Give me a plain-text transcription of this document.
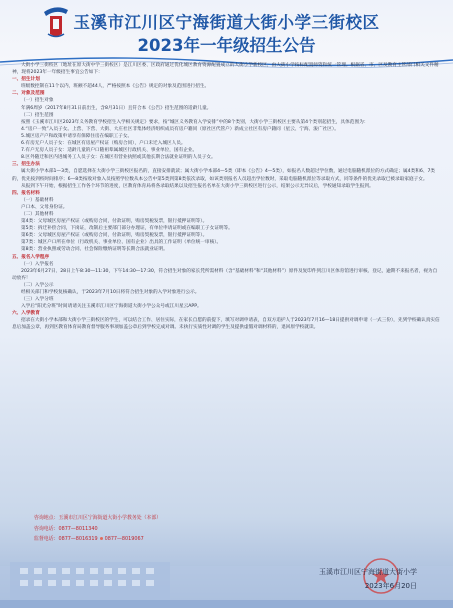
玉溪市江川区宁海街道大街小学三街校区
2023年一年级招生公告

大街小学三街校区（地址在原大街中学三街校区）是江川区委、区政府通过优化城区教育资源配置成立的大街小学新校区，由大街小学按标配置师资和统一管理。根据省、市、区及教育主管部门相关文件精神，现将2023年一年级招生事宜公告如下：

一、招生计划

班级数控制在11个以内，班额不超44人，严格按照本《公告》规定的对象及范围进行招生。

二、对象及范围

（一）招生对象

年满6周岁（2017年8月31日前出生，含8月31日）且符合本《公告》招生范围的适龄儿童。

（二）招生范围

按照《玉溪市江川区2023年义务教育学校招生入学相关规定》要求，按“城区义务教育入学安排”中的8个类别，大街小学三街校区主要从第4个类别起招生，具体范围为：

4.“房户一致”入员子女。上营、下营、大街、大庄社区非集体经济组织成员有房户籍同（原社区代管户）新成立社区有房户籍同（星云、宁海、浚广社区）。

5.城区房产户和政策申请享有保障住房在编职工子女。

6.有房无户人员子女：在城区有房屋产权证（购房合同），户口未迁入城区人员。

7.有户无房人员子女：适龄儿童的户口随祖辈属城区行政机关、事业单位，国有企业。

8.区外随迁和区内进城务工人员子女：在城区有营业执照或其他长期合法就业证明的人员子女。

三、招生办法

属大街小学本部1—3类，自愿选择在大街小学三街校区报名的，直接安排就读；属大街小学本部4—5类（即本《公告》4—5类），如报名人数超过学位数，通过电脑随机派位的方式确定；属4类和6、7类的，优先按到校时间排序；6—8类按收对象入员按照学位数从本公告中第5类到第8类依次录取，如该类别报名人员超出学位数时，采取电脑随机派位等录取方式，同等条件的优先录取已被录取家庭子女。

从报到下午开始，根据招生工作各个环节的进度，区教育体育局将各录取结果以及招生报名名单在大街小学三街校区进行公示，结果公示无异议后，学校通知录取学生报到。

四、报名材料

（一）基础材料

户口本、父母身份证。

（二）其他材料

第4类：父母城区房屋产权证（或购房合同，付款证明，购房契税发票，银行抵押证明等）。

第5类：拆迁补偿合同，下岗证，改制后主要部门部分办理证，有单位申请证明或在编职工子女证明等。

第6类：父母城区房屋产权证（或购房合同，付款证明，购房契税发票，银行抵押证明等）。

第7类：城区户口所在单位（行政机关、事业单位、国有企业）出具的工作证明（单位统一审核）。

第8类：营业执照或劳动合同、社会保险缴纳证明等长期合法就业证明。

五、报名入学程序

（一）入学报名

2023年6月27日、28日上午8:30—11:30，下午14:30—17:30，符合招生对象的家长凭所需材料（含“基础材料”和“其他材料”）原件及复印件到江川区体育馆进行审核、登记，逾期不来报名者，视为自动放弃！

（二）入学公示

经相关部门和学校复核确认，于2023年7月10日将符合招生对象的入学对象进行公示。

（三）入学分班

入学后“阳光分班”时间请请关注玉溪市江川区宁海街道大街小学公众号或江川星云APP。

六、入学教育

招录在大街小学本部和大街小学三街校区的学生，可以结合工作、居住实际，在家长自愿的前提下，填写对调申请表，自双方追护人于2023年7月16—18日提供对调申请（一式三份），先到学校确认真实信息后加盖公章，再到区教育体育局教育督导服务事项加盖公章后到学校完成对调。未执行实质性对调的学生及提供虚假对调材料的，退回原学校就读。

咨询地点：玉溪市江川区宁海街道大街小学教务处（本部）
咨询电话：0877—8011340
监督电话：0877—8016319 0877—8019067
玉溪市江川区宁海街道大街小学
2023年6月20日
